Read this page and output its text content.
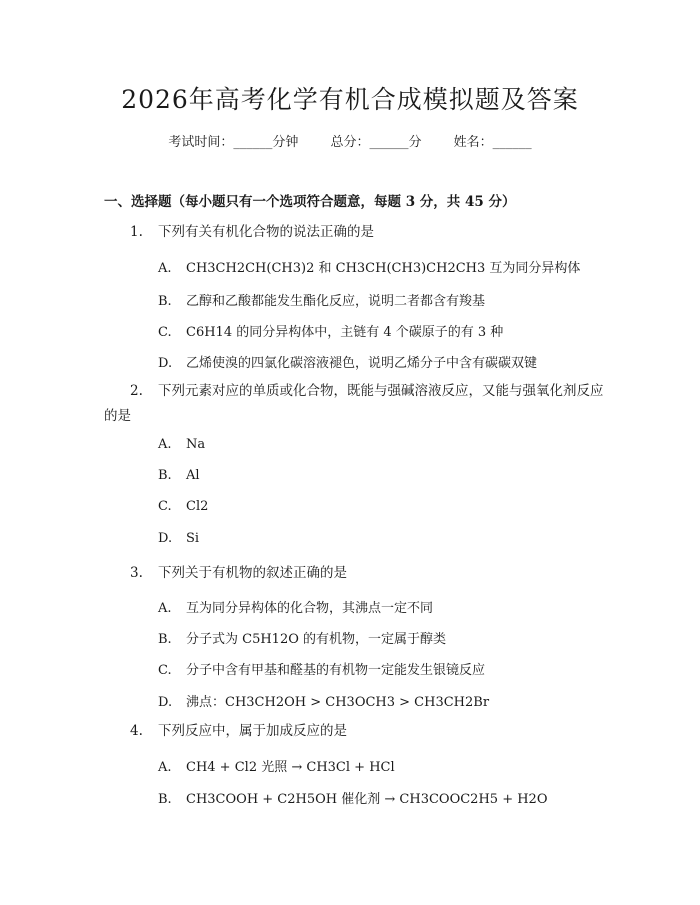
2026年高考化学有机合成模拟题及答案
考试时间：______分钟 总分：______分 姓名：______
一、选择题（每小题只有一个选项符合题意，每题 3 分，共 45 分）
1. 下列有关有机化合物的说法正确的是
A. CH3CH2CH(CH3)2 和 CH3CH(CH3)CH2CH3 互为同分异构体
B. 乙醇和乙酸都能发生酯化反应，说明二者都含有羧基
C. C6H14 的同分异构体中，主链有 4 个碳原子的有 3 种
D. 乙烯使溴的四氯化碳溶液褪色，说明乙烯分子中含有碳碳双键
2. 下列元素对应的单质或化合物，既能与强碱溶液反应，又能与强氧化剂反应的是
A. Na
B. Al
C. Cl2
D. Si
3. 下列关于有机物的叙述正确的是
A. 互为同分异构体的化合物，其沸点一定不同
B. 分子式为 C5H12O 的有机物，一定属于醇类
C. 分子中含有甲基和醛基的有机物一定能发生银镜反应
D. 沸点：CH3CH2OH > CH3OCH3 > CH3CH2Br
4. 下列反应中，属于加成反应的是
A. CH4 + Cl2 光照 → CH3Cl + HCl
B. CH3COOH + C2H5OH 催化剂 → CH3COOC2H5 + H2O
